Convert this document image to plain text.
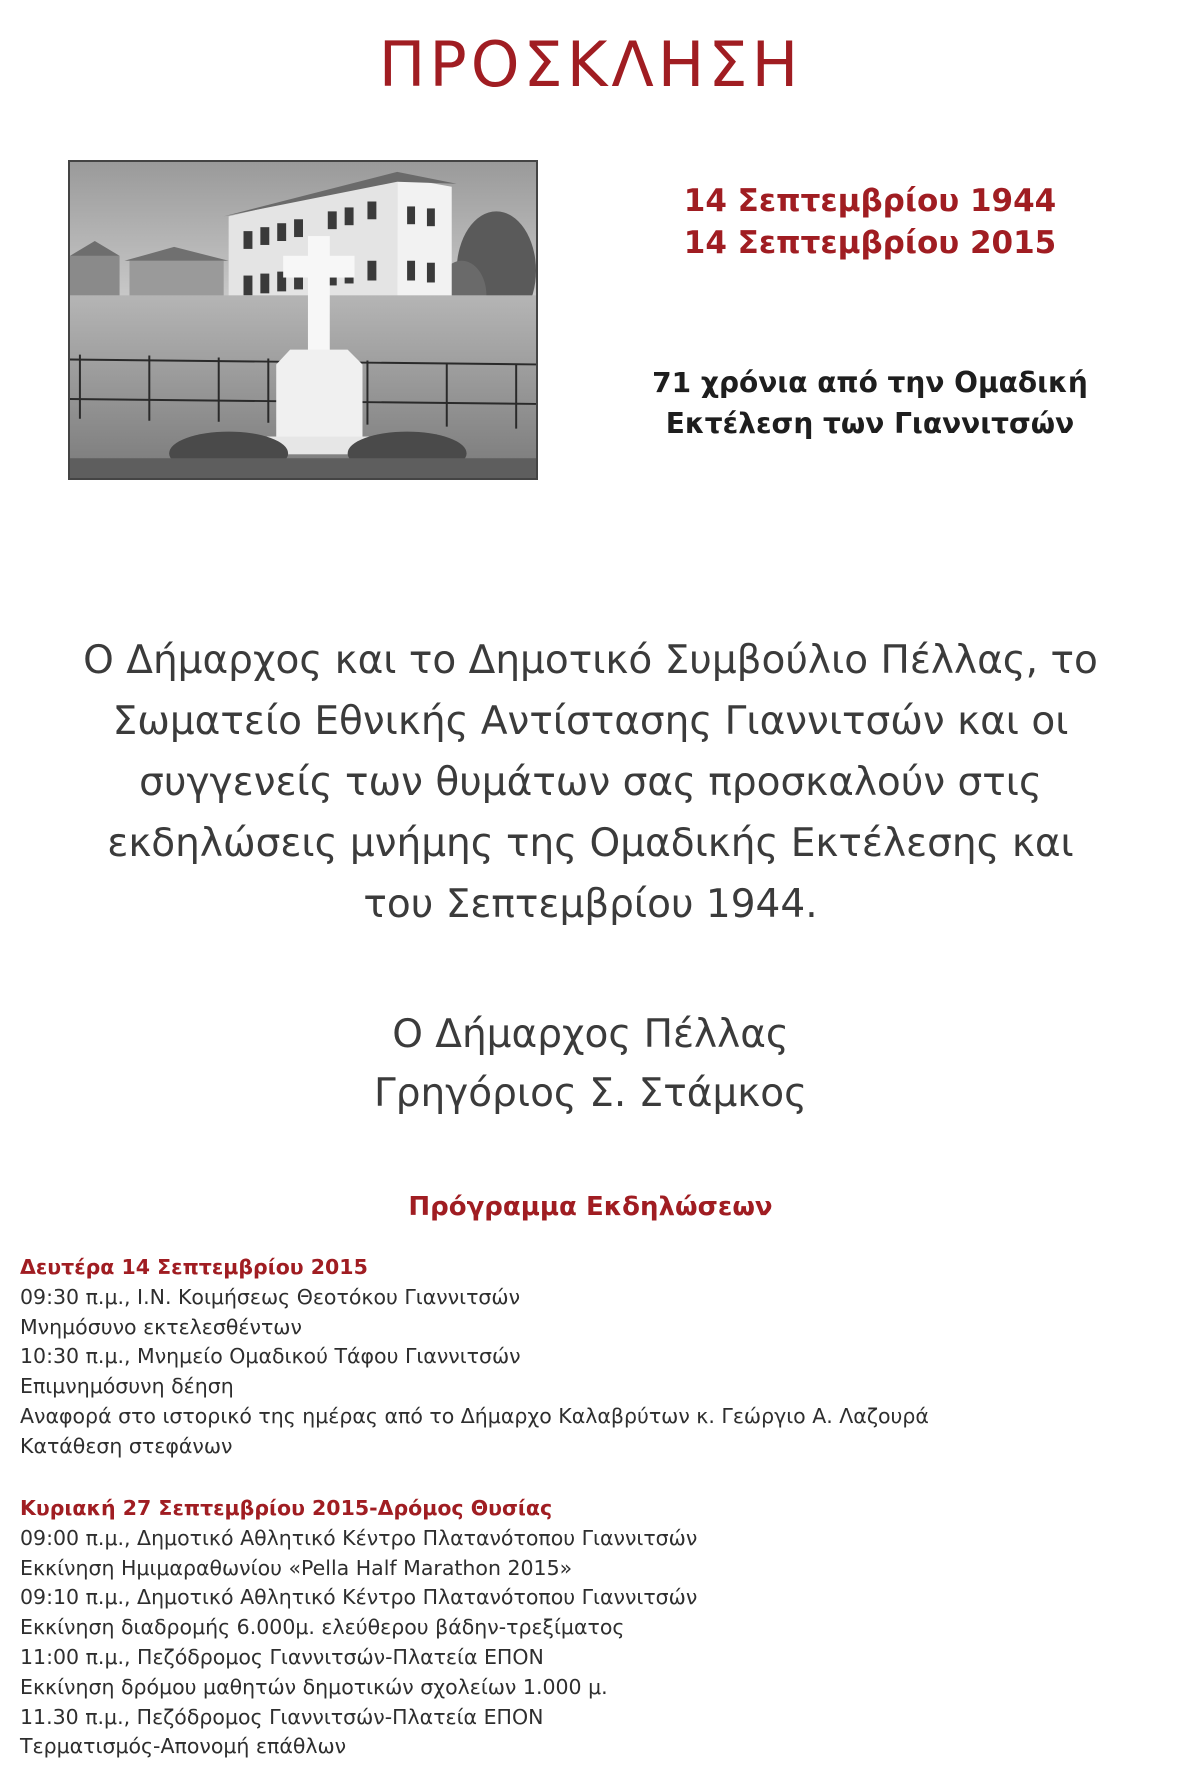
ΠΡΟΣΚΛΗΣΗ
14 Σεπτεμβρίου 1944
14 Σεπτεμβρίου 2015
71 χρόνια από την Ομαδική
Εκτέλεση των Γιαννιτσών
Ο Δήμαρχος και το Δημοτικό Συμβούλιο Πέλλας, το
Σωματείο Εθνικής Αντίστασης Γιαννιτσών και οι
συγγενείς των θυμάτων σας προσκαλούν στις
εκδηλώσεις μνήμης της Ομαδικής Εκτέλεσης και
του Σεπτεμβρίου 1944.
Ο Δήμαρχος Πέλλας
Γρηγόριος Σ. Στάμκος
Πρόγραμμα Εκδηλώσεων
Δευτέρα 14 Σεπτεμβρίου 2015
09:30 π.μ., Ι.Ν. Κοιμήσεως Θεοτόκου Γιαννιτσών
Μνημόσυνο εκτελεσθέντων
10:30 π.μ., Μνημείο Ομαδικού Τάφου Γιαννιτσών
Επιμνημόσυνη δέηση
Αναφορά στο ιστορικό της ημέρας από το Δήμαρχο Καλαβρύτων κ. Γεώργιο Α. Λαζουρά
Κατάθεση στεφάνων
Κυριακή 27 Σεπτεμβρίου 2015-Δρόμος Θυσίας
09:00 π.μ., Δημοτικό Αθλητικό Κέντρο Πλατανότοπου Γιαννιτσών
Εκκίνηση Ημιμαραθωνίου «Pella Half Marathon 2015»
09:10 π.μ., Δημοτικό Αθλητικό Κέντρο Πλατανότοπου Γιαννιτσών
Εκκίνηση διαδρομής 6.000μ. ελεύθερου βάδην-τρεξίματος
11:00 π.μ., Πεζόδρομος Γιαννιτσών-Πλατεία ΕΠΟΝ
Εκκίνηση δρόμου μαθητών δημοτικών σχολείων 1.000 μ.
11.30 π.μ., Πεζόδρομος Γιαννιτσών-Πλατεία ΕΠΟΝ
Τερματισμός-Απονομή επάθλων
